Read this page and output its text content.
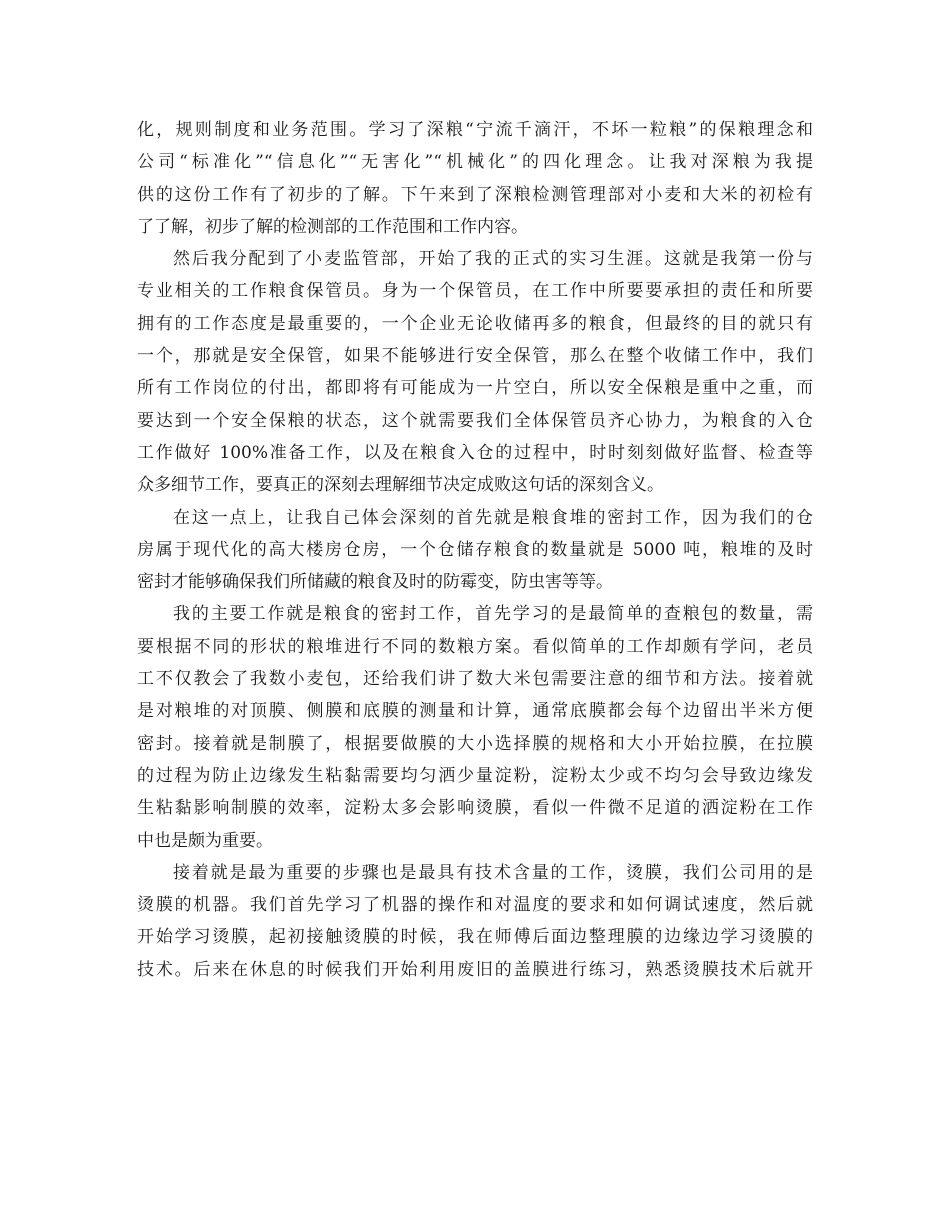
化，规则制度和业务范围。学习了深粮“宁流千滴汗，不坏一粒粮”的保粮理念和
公司“标准化”“信息化”“无害化”“机械化”的四化理念。让我对深粮为我提
供的这份工作有了初步的了解。下午来到了深粮检测管理部对小麦和大米的初检有
了了解，初步了解的检测部的工作范围和工作内容。
然后我分配到了小麦监管部，开始了我的正式的实习生涯。这就是我第一份与
专业相关的工作粮食保管员。身为一个保管员，在工作中所要要承担的责任和所要
拥有的工作态度是最重要的，一个企业无论收储再多的粮食，但最终的目的就只有
一个，那就是安全保管，如果不能够进行安全保管，那么在整个收储工作中，我们
所有工作岗位的付出，都即将有可能成为一片空白，所以安全保粮是重中之重，而
要达到一个安全保粮的状态，这个就需要我们全体保管员齐心协力，为粮食的入仓
工作做好 100%准备工作，以及在粮食入仓的过程中，时时刻刻做好监督、检查等
众多细节工作，要真正的深刻去理解细节决定成败这句话的深刻含义。
在这一点上，让我自己体会深刻的首先就是粮食堆的密封工作，因为我们的仓
房属于现代化的高大楼房仓房，一个仓储存粮食的数量就是 5000 吨，粮堆的及时
密封才能够确保我们所储藏的粮食及时的防霉变，防虫害等等。
我的主要工作就是粮食的密封工作，首先学习的是最简单的查粮包的数量，需
要根据不同的形状的粮堆进行不同的数粮方案。看似简单的工作却颇有学问，老员
工不仅教会了我数小麦包，还给我们讲了数大米包需要注意的细节和方法。接着就
是对粮堆的对顶膜、侧膜和底膜的测量和计算，通常底膜都会每个边留出半米方便
密封。接着就是制膜了，根据要做膜的大小选择膜的规格和大小开始拉膜，在拉膜
的过程为防止边缘发生粘黏需要均匀洒少量淀粉，淀粉太少或不均匀会导致边缘发
生粘黏影响制膜的效率，淀粉太多会影响烫膜，看似一件微不足道的洒淀粉在工作
中也是颇为重要。
接着就是最为重要的步骤也是最具有技术含量的工作，烫膜，我们公司用的是
烫膜的机器。我们首先学习了机器的操作和对温度的要求和如何调试速度，然后就
开始学习烫膜，起初接触烫膜的时候，我在师傅后面边整理膜的边缘边学习烫膜的
技术。后来在休息的时候我们开始利用废旧的盖膜进行练习，熟悉烫膜技术后就开
